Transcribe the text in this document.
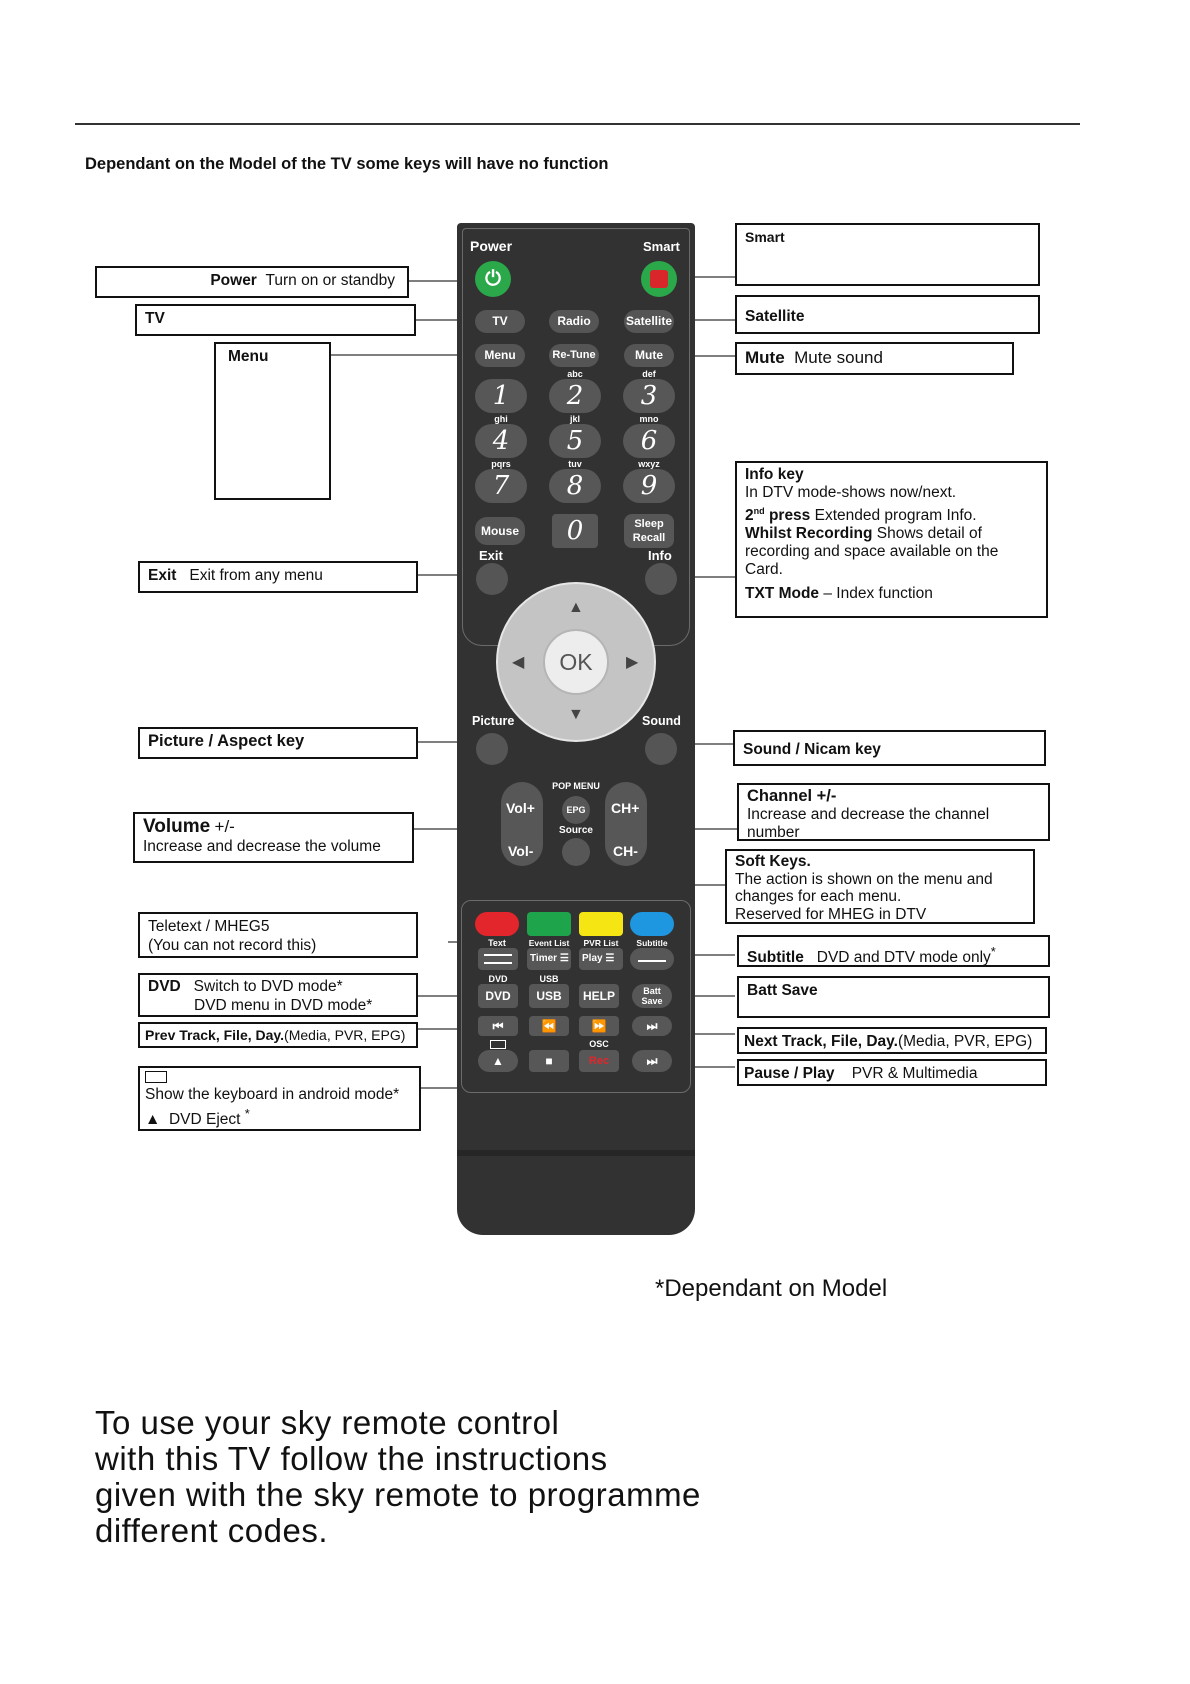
Dependant on the Model of the TV some keys will have no function
Power Turn on or standby
TV
Menu
Exit Exit from any menu
Picture / Aspect key
Volume +/-
Increase and decrease the volume
Teletext / MHEG5
(You can not record this)
DVD Switch to DVD mode*
DVD menu in DVD mode*
Prev Track, File, Day.(Media, PVR, EPG)
Show the keyboard in android mode*
▲ DVD Eject *
Smart
Satellite
Mute Mute sound
Info key
In DTV mode-shows now/next.
2nd press Extended program Info.
Whilst Recording Shows detail of recording and space available on the Card.
TXT Mode – Index function
Sound / Nicam key
Channel +/-
Increase and decrease the channel number
Soft Keys.
The action is shown on the menu and changes for each menu.
Reserved for MHEG in DTV
Subtitle DVD and DTV mode only*
Batt Save
Next Track, File, Day.(Media, PVR, EPG)
Pause / Play PVR & Multimedia
Power	Smart
⏻
TV	Radio	Satellite
Menu	Re-Tune	Mute
abc	def
1	2	3
ghi	jkl	mno
4	5	6
pqrs	tuv	wxyz
7	8	9
Mouse	0	Sleep
Recall
Exit	Info
▲
▼
◀	▶
OK
Picture	Sound
Vol+
Vol-
CH+
CH-
POP MENU
EPG
Source
Text	Event List	PVR List	Subtitle
Timer ☰	Play ☰
DVD	USB
DVD	USB	HELP	Batt
Save
⏮	⏪	⏩	⏭
OSC
▲	■	Rec	⏭
*Dependant on Model
To use your sky remote control
with this TV follow the instructions
given with the sky remote to programme
different codes.
